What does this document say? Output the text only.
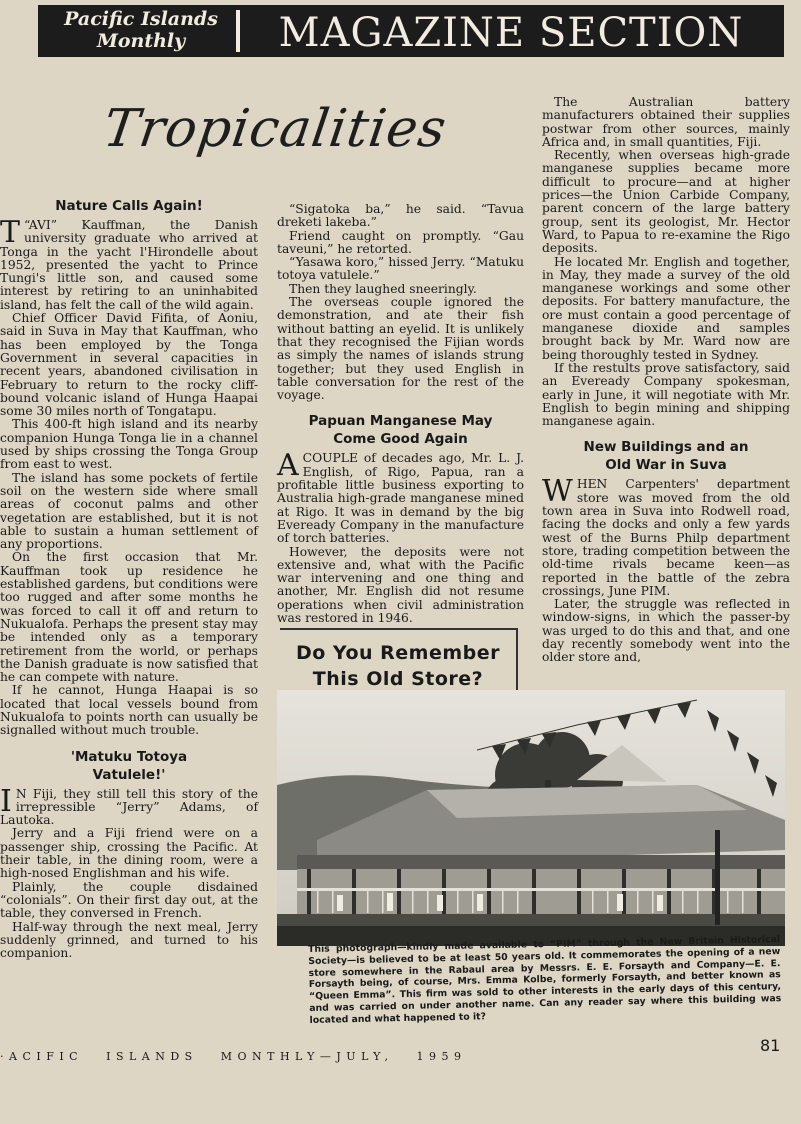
Pacific Islands
Monthly	MAGAZINE SECTION
Tropicalities

Nature Calls Again!

T “AVI” Kauffman, the Danish university graduate who arrived at Tonga in the yacht l'Hirondelle about 1952, presented the yacht to Prince Tungi's little son, and caused some interest by retiring to an uninhabited island, has felt the call of the wild again.

Chief Officer David Fifita, of Aoniu, said in Suva in May that Kauffman, who has been employed by the Tonga Government in several capacities in recent years, abandoned civilisation in February to return to the rocky cliff-bound volcanic island of Hunga Haapai some 30 miles north of Tongatapu.

This 400-ft high island and its nearby companion Hunga Tonga lie in a channel used by ships crossing the Tonga Group from east to west.

The island has some pockets of fertile soil on the western side where small areas of coconut palms and other vegetation are established, but it is not able to sustain a human settlement of any proportions.

On the first occasion that Mr. Kauffman took up residence he established gardens, but conditions were too rugged and after some months he was forced to call it off and return to Nukualofa. Perhaps the present stay may be intended only as a temporary retirement from the world, or perhaps the Danish graduate is now satisfied that he can compete with nature.

If he cannot, Hunga Haapai is so located that local vessels bound from Nukualofa to points north can usually be signalled without much trouble.

'Matuku Totoya

Vatulele!'

I N Fiji, they still tell this story of the irrepressible “Jerry” Adams, of Lautoka.

Jerry and a Fiji friend were on a passenger ship, crossing the Pacific. At their table, in the dining room, were a high-nosed Englishman and his wife.

Plainly, the couple disdained “colonials”. On their first day out, at the table, they conversed in French.

Half-way through the next meal, Jerry suddenly grinned, and turned to his companion.

“Sigatoka ba,” he said. “Tavua dreketi lakeba.”

Friend caught on promptly. “Gau taveuni,” he retorted.

“Yasawa koro,” hissed Jerry. “Matuku totoya vatulele.”

Then they laughed sneeringly.

The overseas couple ignored the demonstration, and ate their fish without batting an eyelid. It is unlikely that they recognised the Fijian words as simply the names of islands strung together; but they used English in table conversation for the rest of the voyage.

Papuan Manganese May

Come Good Again

ACOUPLE of decades ago, Mr. L. J. English, of Rigo, Papua, ran a profitable little business exporting to Australia high-grade manganese mined at Rigo. It was in demand by the big Eveready Company in the manufacture of torch batteries.

However, the deposits were not extensive and, what with the Pacific war intervening and one thing and another, Mr. English did not resume operations when civil administration was restored in 1946.

Do You Remember
This Old Store?

The Australian battery manufacturers obtained their supplies postwar from other sources, mainly Africa and, in small quantities, Fiji.

Recently, when overseas high-grade manganese supplies became more difficult to procure—and at higher prices—the Union Carbide Company, parent concern of the large battery group, sent its geologist, Mr. Hector Ward, to Papua to re-examine the Rigo deposits.

He located Mr. English and together, in May, they made a survey of the old manganese workings and some other deposits. For battery manufacture, the ore must contain a good percentage of manganese dioxide and samples brought back by Mr. Ward now are being thoroughly tested in Sydney.

If the restults prove satisfactory, said an Eveready Company spokesman, early in June, it will negotiate with Mr. English to begin mining and shipping manganese again.

New Buildings and an

Old War in Suva

WHEN Carpenters' department store was moved from the old town area in Suva into Rodwell road, facing the docks and only a few yards west of the Burns Philp department store, trading competition between the old-time rivals became keen—as reported in the battle of the zebra crossings, June PIM.

Later, the struggle was reflected in window-signs, in which the passer-by was urged to do this and that, and one day recently somebody went into the older store and,

This photograph—kindly made available to “PIM” through the New Britain Historical Society—is believed to be at least 50 years old. It commemorates the opening of a new store somewhere in the Rabaul area by Messrs. E. E. Forsayth and Company—E. E. Forsayth being, of course, Mrs. Emma Kolbe, formerly Forsayth, and better known as “Queen Emma”. This firm was sold to other interests in the early days of this century, and was carried on under another name. Can any reader say where this building was located and what happened to it?
·ACIFIC ISLANDS MONTHLY—JULY, 1959
81
